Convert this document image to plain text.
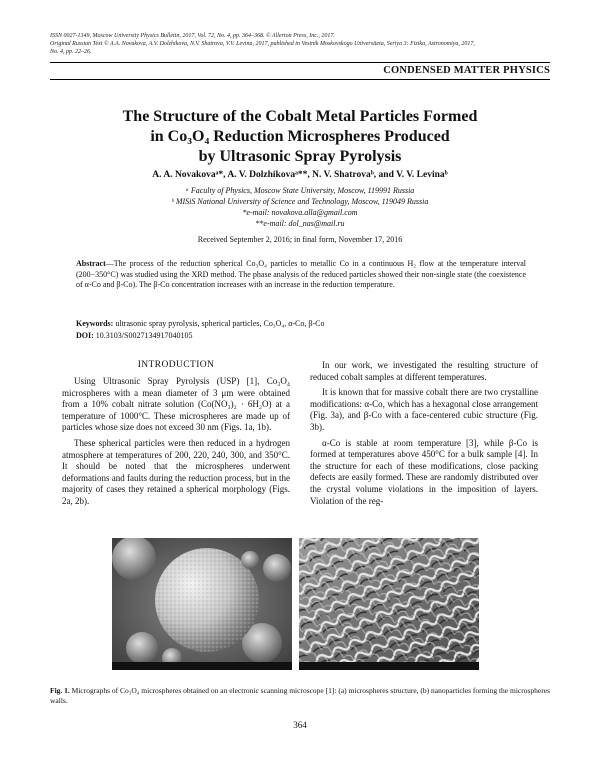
ISSN 0027-1349, Moscow University Physics Bulletin, 2017, Vol. 72, No. 4, pp. 364–368. © Allerton Press, Inc., 2017.
Original Russian Text © A.A. Novakova, A.V. Dolzhikova, N.V. Shatrova, V.V. Levina, 2017, published in Vestnik Moskovskogo Universiteta, Seriya 3: Fizika, Astronomiya, 2017,
No. 4, pp. 22–26.
CONDENSED MATTER PHYSICS
The Structure of the Cobalt Metal Particles Formed
in Co₃O₄ Reduction Microspheres Produced
by Ultrasonic Spray Pyrolysis
A. A. Novakovaᵃ*, A. V. Dolzhikovaᵃ**, N. V. Shatrovaᵇ, and V. V. Levinaᵇ
ᵃ Faculty of Physics, Moscow State University, Moscow, 119991 Russia
ᵇ MISiS National University of Science and Technology, Moscow, 119049 Russia
*e-mail: novakova.alla@gmail.com
**e-mail: dol_nas@mail.ru
Received September 2, 2016; in final form, November 17, 2016
Abstract—The process of the reduction spherical Co₃O₄ particles to metallic Co in a continuous H₂ flow at the temperature interval (200−350°C) was studied using the XRD method. The phase analysis of the reduced particles showed their non-single state (the coexistence of α-Co and β-Co). The β-Co concentration increases with an increase in the reduction temperature.
Keywords: ultrasonic spray pyrolysis, spherical particles, Co₃O₄, α-Co, β-Co
DOI: 10.3103/S0027134917040105
INTRODUCTION

Using Ultrasonic Spray Pyrolysis (USP) [1], Co₃O₄ microspheres with a mean diameter of 3 μm were obtained from a 10% cobalt nitrate solution (Co(NO₃)₂ · 6H₂O) at a temperature of 1000°C. These microspheres are made up of particles whose size does not exceed 30 nm (Figs. 1a, 1b).

These spherical particles were then reduced in a hydrogen atmosphere at temperatures of 200, 220, 240, 300, and 350°C. It should be noted that the microspheres underwent deformations and faults during the reduction process, but in the majority of cases they retained a spherical morphology (Figs. 2a, 2b).

In our work, we investigated the resulting structure of reduced cobalt samples at different temperatures.

It is known that for massive cobalt there are two crystalline modifications: α-Co, which has a hexagonal close arrangement (Fig. 3a), and β-Co with a face-centered cubic structure (Fig. 3b).

α-Co is stable at room temperature [3], while β-Co is formed at temperatures above 450°C for a bulk sample [4]. In the structure for each of these modifications, close packing defects are easily formed. These are randomly distributed over the crystal volume violations in the imposition of layers. Violation of the reg-

Fig. 1. Micrographs of Co₃O₄ microspheres obtained on an electronic scanning microscope [1]: (a) microspheres structure, (b) nanoparticles forming the microspheres walls.
364
